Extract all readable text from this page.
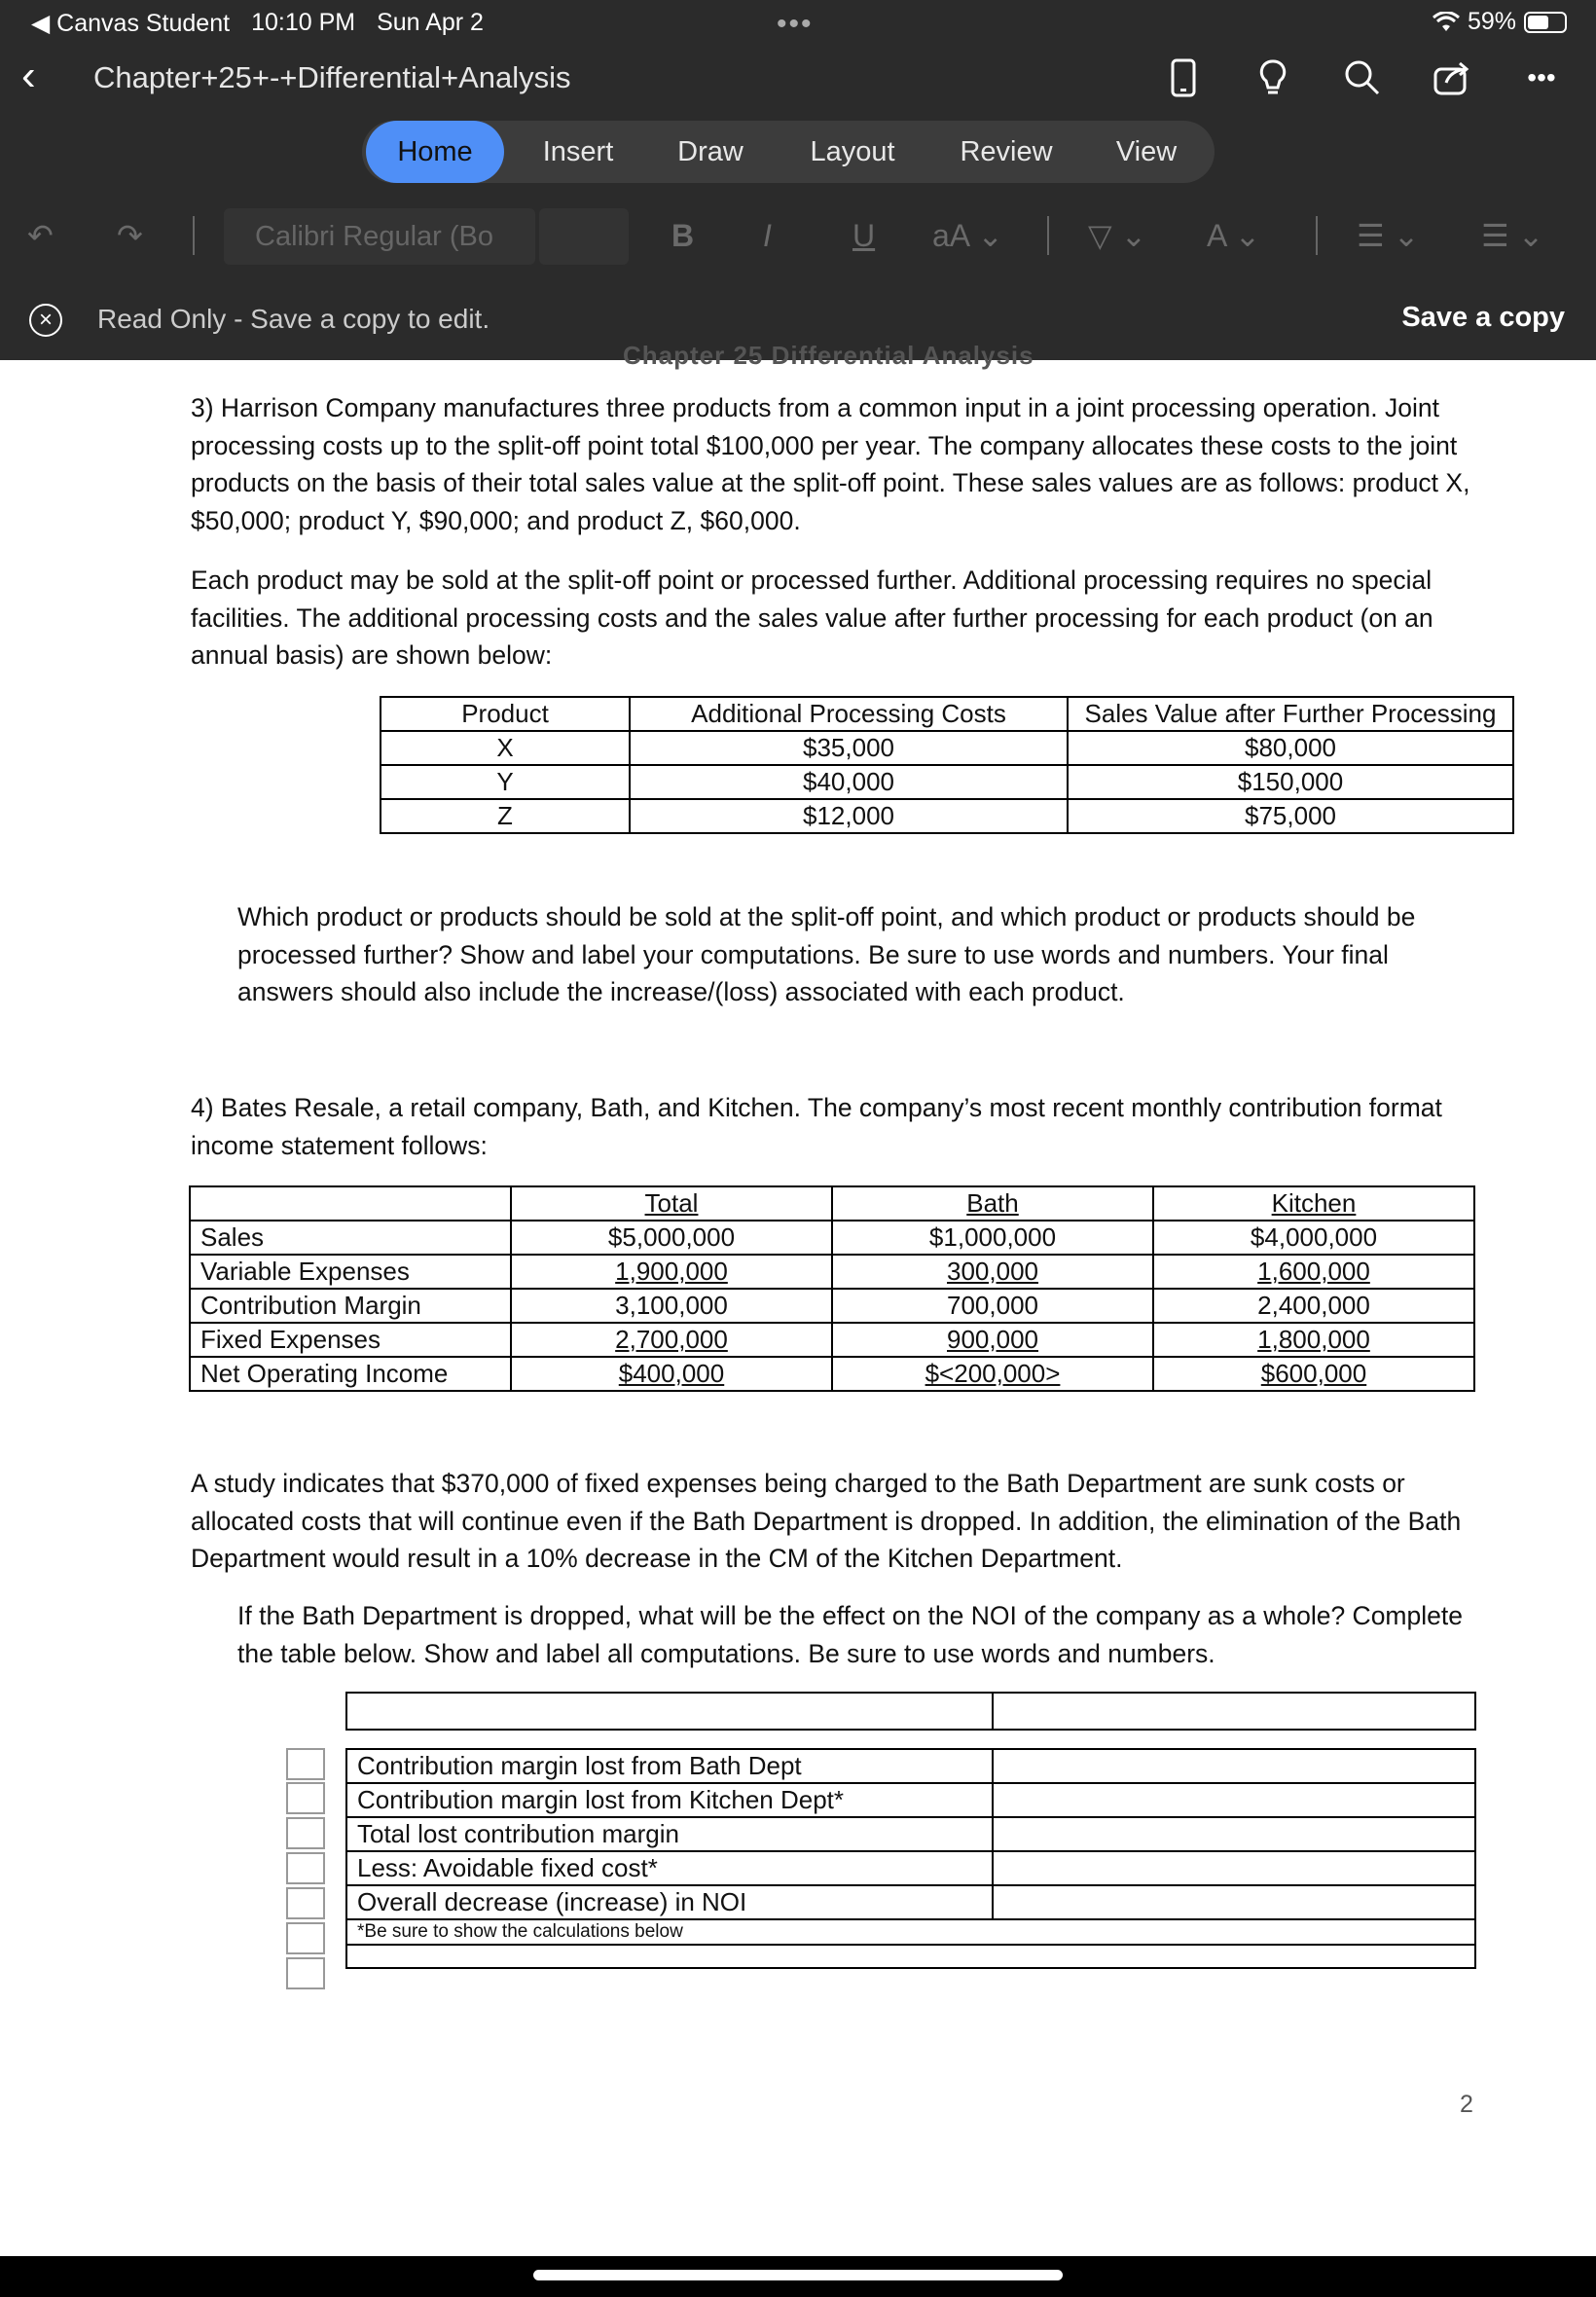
◀ Canvas Student 10:10 PM Sun Apr 2	•••	59%
‹ Chapter+25+-+Differential+Analysis	•••
Home	Insert	Draw	Layout	Review	View
↶ ↷	Calibri Regular (Bo	B I	U aA ⌄	▽ ⌄ A ⌄	☰ ⌄ ☰ ⌄
×	Read Only - Save a copy to edit.	Save a copy
Chapter 25 Differential Analysis
3) Harrison Company manufactures three products from a common input in a joint processing operation. Joint processing costs up to the split-off point total $100,000 per year. The company allocates these costs to the joint products on the basis of their total sales value at the split-off point. These sales values are as follows: product X, $50,000; product Y, $90,000; and product Z, $60,000.
Each product may be sold at the split-off point or processed further. Additional processing requires no special facilities. The additional processing costs and the sales value after further processing for each product (on an annual basis) are shown below:
Product	Additional Processing Costs	Sales Value after Further Processing
X	$35,000	$80,000
Y	$40,000	$150,000
Z	$12,000	$75,000
Which product or products should be sold at the split-off point, and which product or products should be processed further? Show and label your computations. Be sure to use words and numbers. Your final answers should also include the increase/(loss) associated with each product.
4) Bates Resale, a retail company, Bath, and Kitchen. The company’s most recent monthly contribution format income statement follows:
	Total	Bath	Kitchen
Sales	$5,000,000	$1,000,000	$4,000,000
Variable Expenses	1,900,000	300,000	1,600,000
Contribution Margin	3,100,000	700,000	2,400,000
Fixed Expenses	2,700,000	900,000	1,800,000
Net Operating Income	$400,000	$<200,000>	$600,000
A study indicates that $370,000 of fixed expenses being charged to the Bath Department are sunk costs or allocated costs that will continue even if the Bath Department is dropped. In addition, the elimination of the Bath Department would result in a 10% decrease in the CM of the Kitchen Department.
If the Bath Department is dropped, what will be the effect on the NOI of the company as a whole? Complete the table below. Show and label all computations. Be sure to use words and numbers.

Contribution margin lost from Bath Dept	
Contribution margin lost from Kitchen Dept*	
Total lost contribution margin	
Less: Avoidable fixed cost*	
Overall decrease (increase) in NOI	
*Be sure to show the calculations below	

2
